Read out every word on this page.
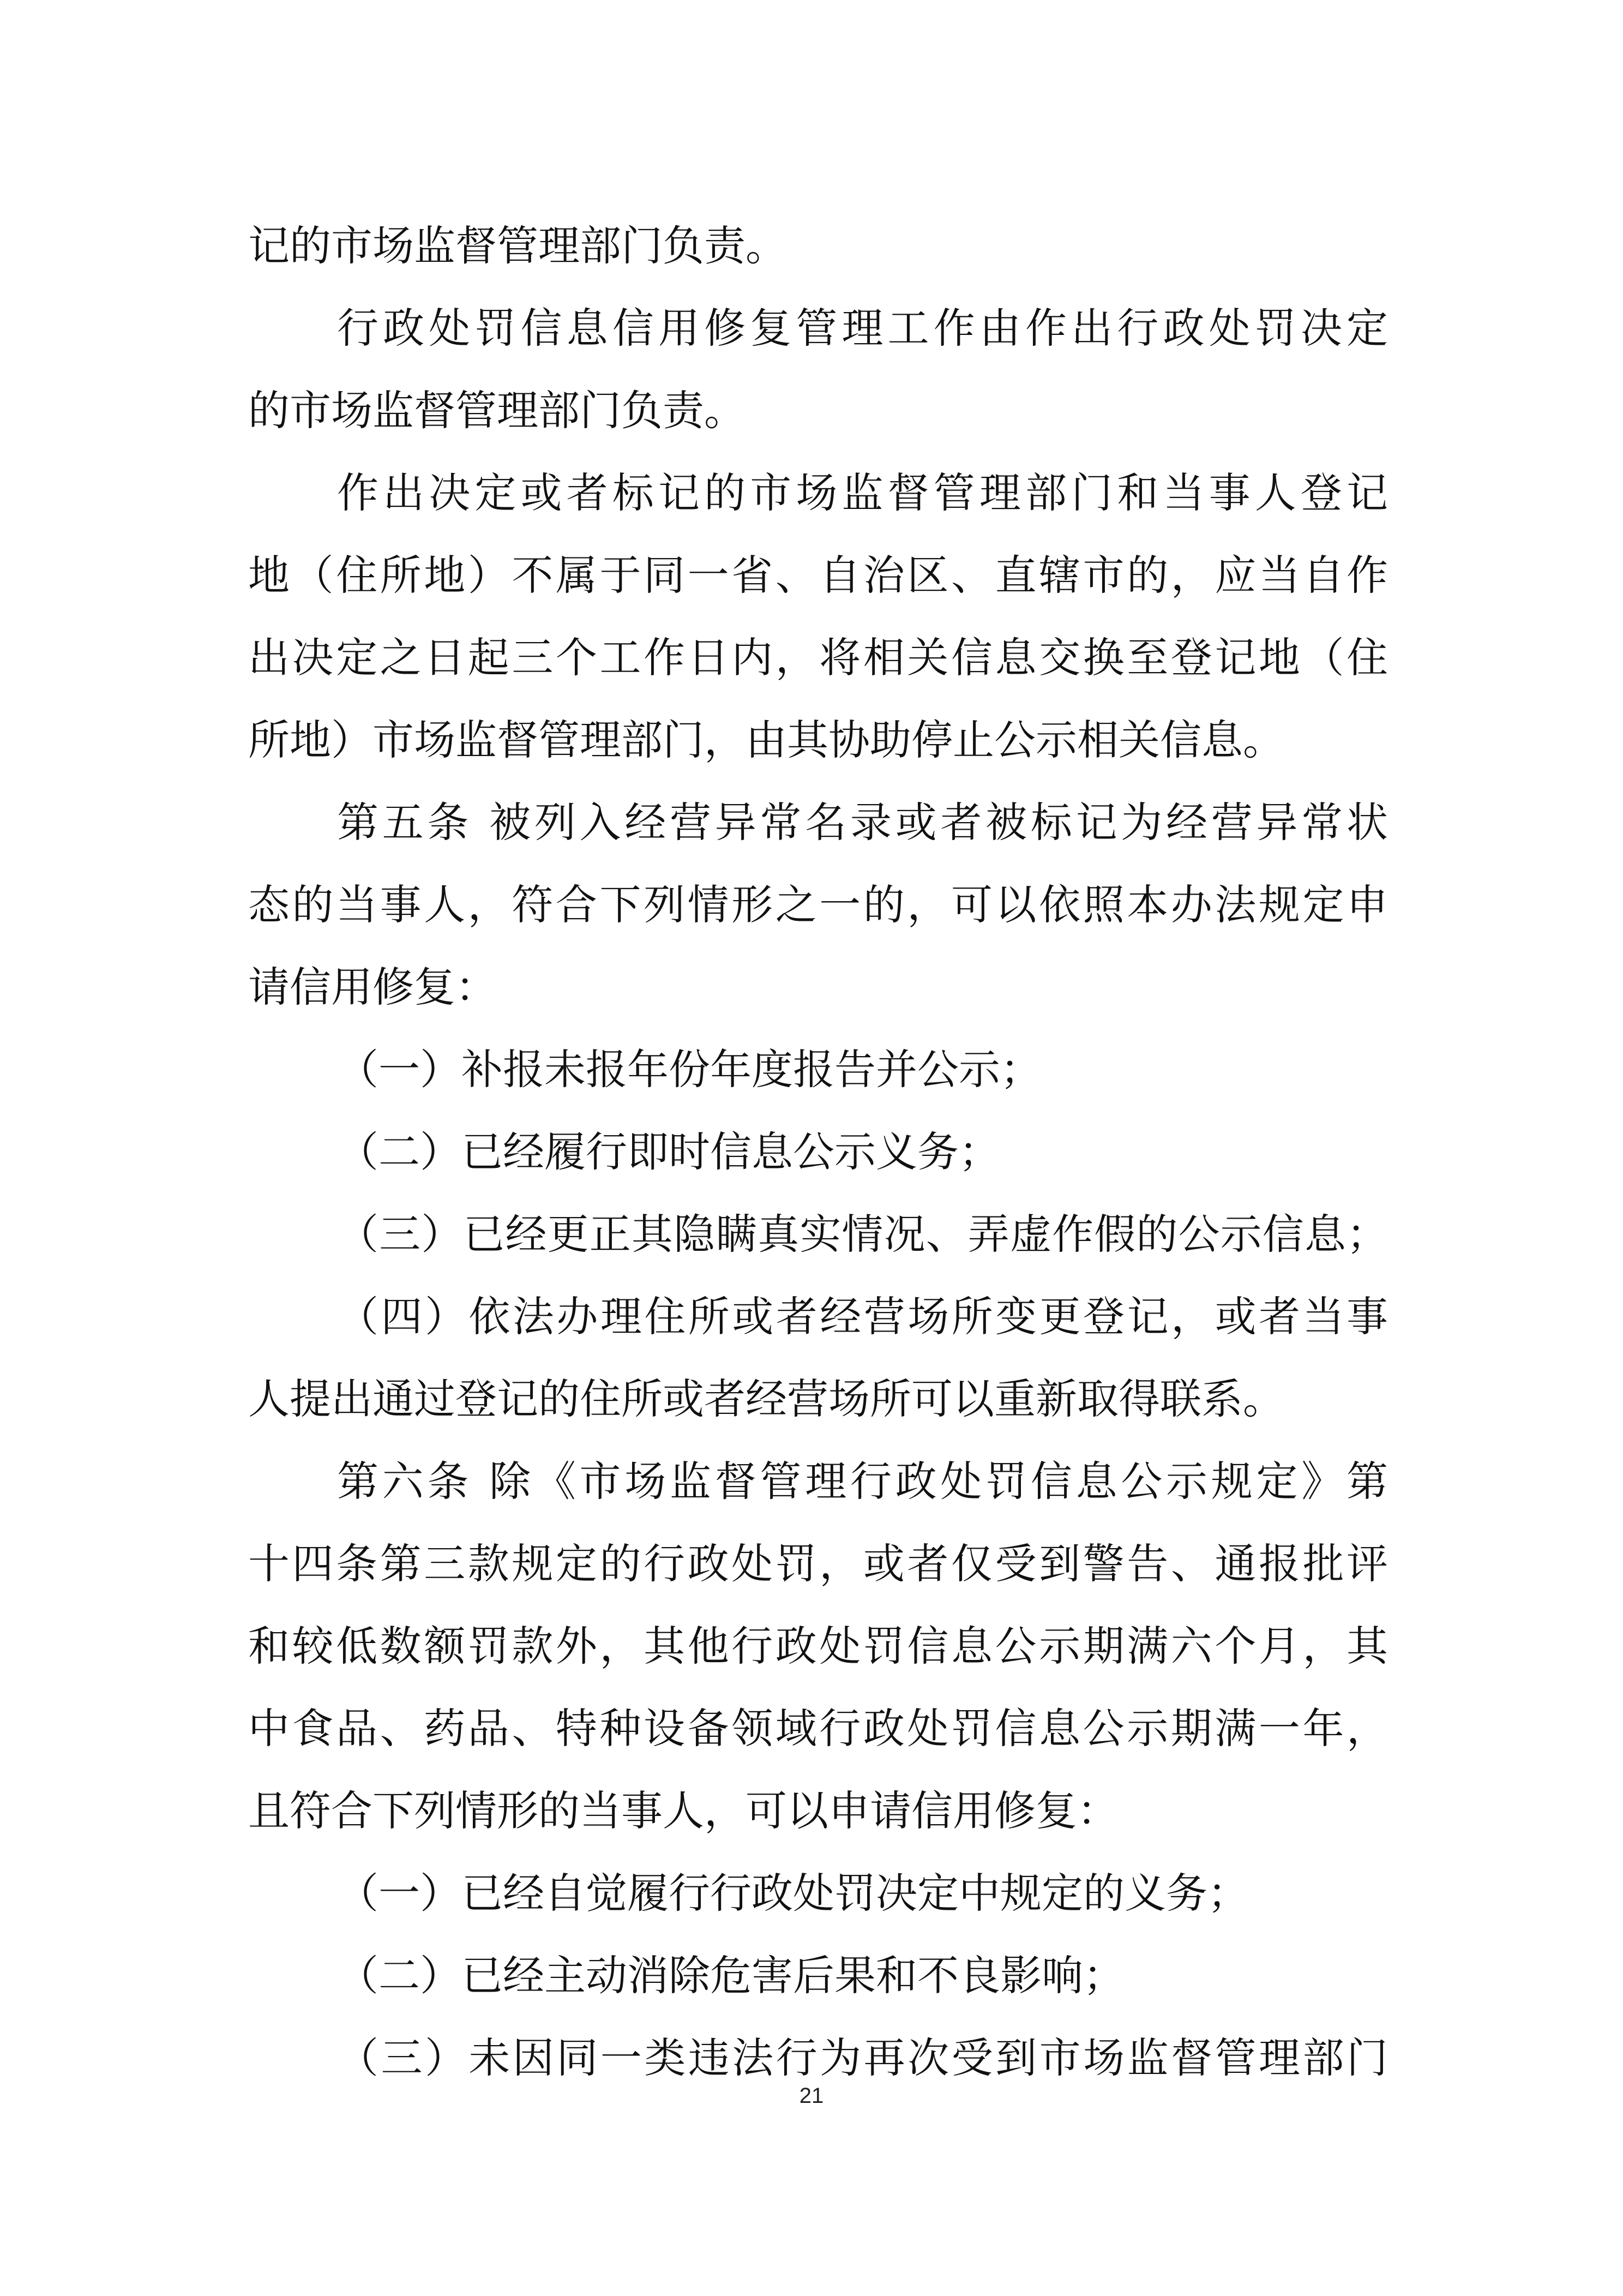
记的市场监督管理部门负责。
行政处罚信息信用修复管理工作由作出行政处罚决定
的市场监督管理部门负责。
作出决定或者标记的市场监督管理部门和当事人登记
地（住所地）不属于同一省、自治区、直辖市的，应当自作
出决定之日起三个工作日内，将相关信息交换至登记地（住
所地）市场监督管理部门，由其协助停止公示相关信息。
第五条 被列入经营异常名录或者被标记为经营异常状
态的当事人，符合下列情形之一的，可以依照本办法规定申
请信用修复：
（一）补报未报年份年度报告并公示；
（二）已经履行即时信息公示义务；
（三）已经更正其隐瞒真实情况、弄虚作假的公示信息；
（四）依法办理住所或者经营场所变更登记，或者当事
人提出通过登记的住所或者经营场所可以重新取得联系。
第六条 除《市场监督管理行政处罚信息公示规定》第
十四条第三款规定的行政处罚，或者仅受到警告、通报批评
和较低数额罚款外，其他行政处罚信息公示期满六个月，其
中食品、药品、特种设备领域行政处罚信息公示期满一年，
且符合下列情形的当事人，可以申请信用修复：
（一）已经自觉履行行政处罚决定中规定的义务；
（二）已经主动消除危害后果和不良影响；
（三）未因同一类违法行为再次受到市场监督管理部门
21
